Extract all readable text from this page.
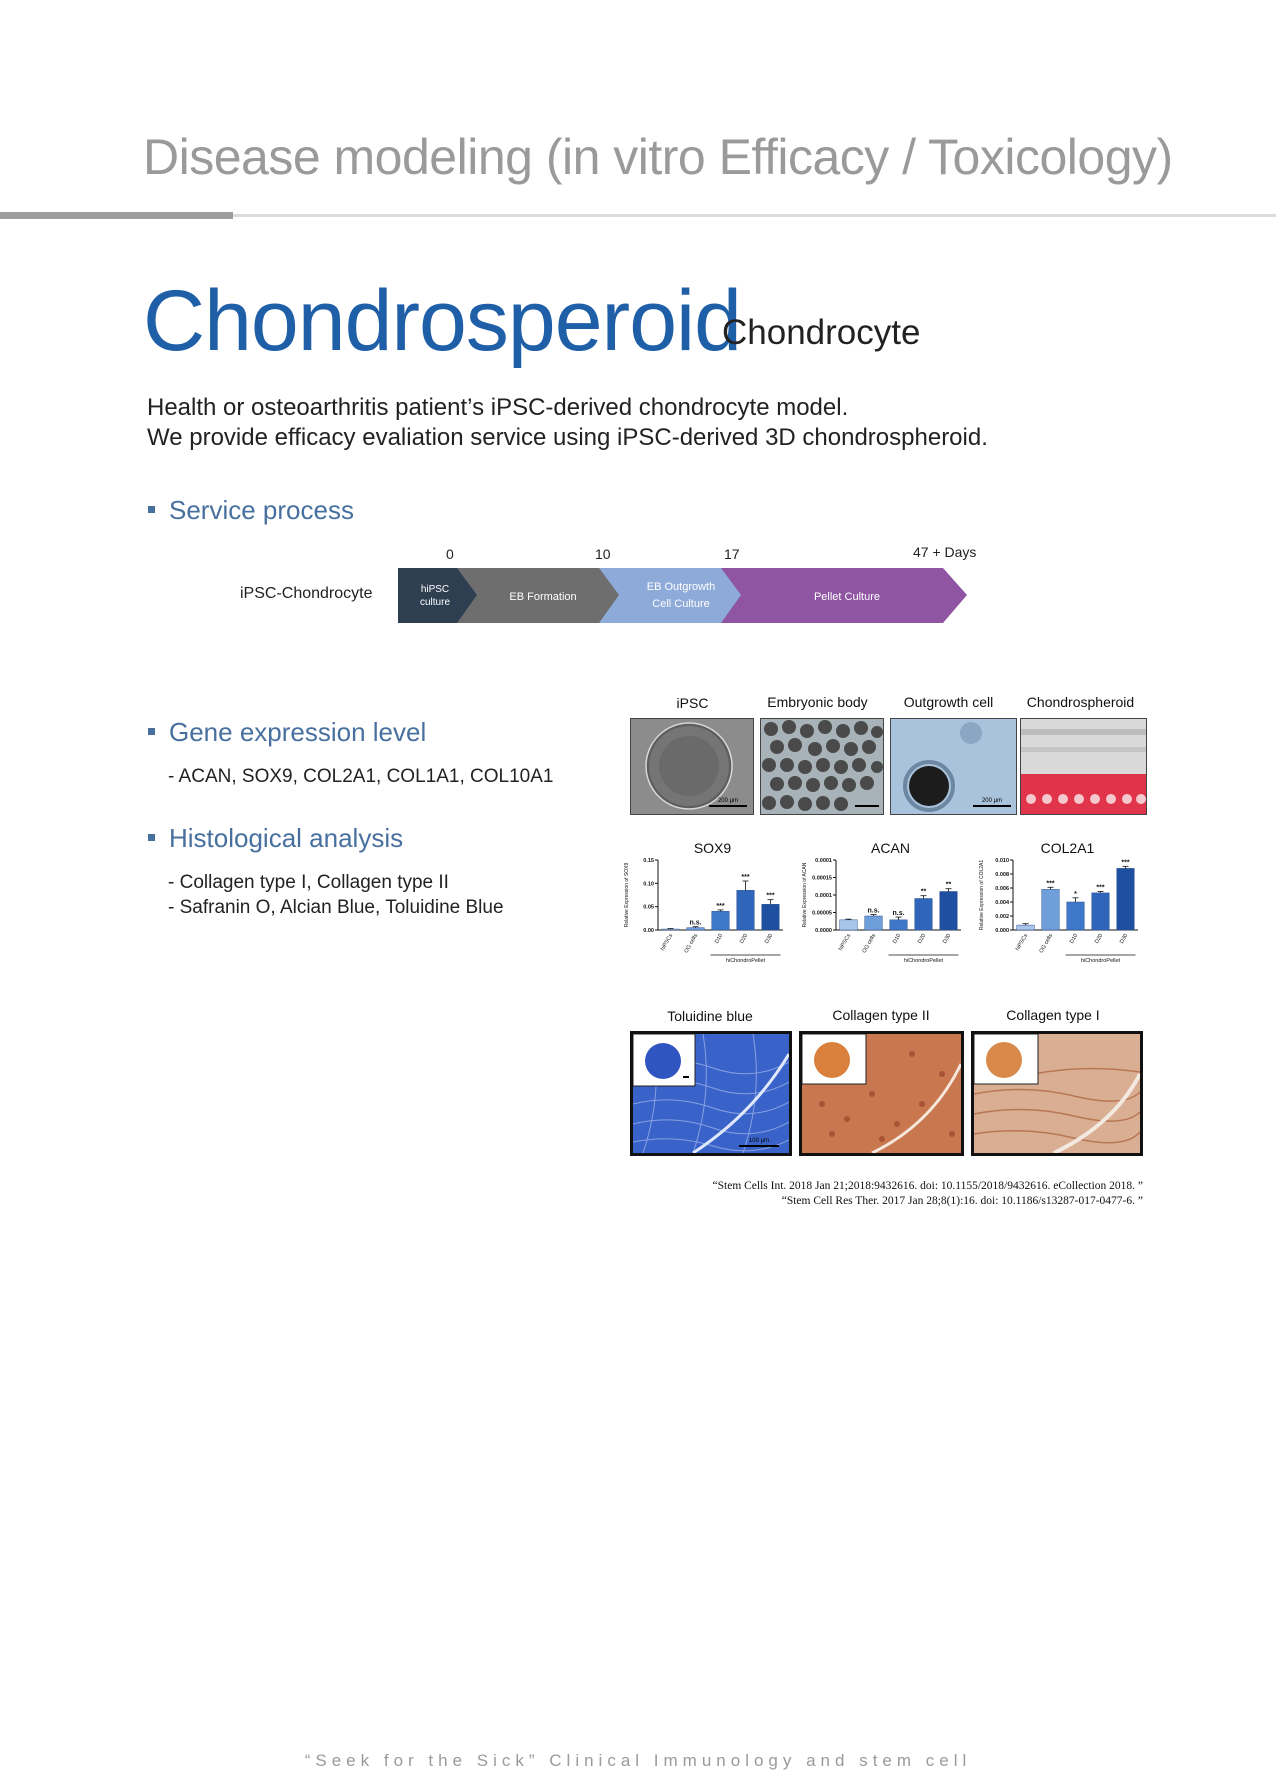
Disease modeling (in vitro Efficacy / Toxicology)
Chondrosperoid
Chondrocyte
Health or osteoarthritis patient’s iPSC-derived chondrocyte model.
We provide efficacy evaliation service using iPSC-derived 3D chondrospheroid.
Service process
iPSC-Chondrocyte
0	10	17	47 + Days
hiPSC
culture	EB Formation
EB Outgrowth
Cell Culture
Pellet Culture
Gene expression level
- ACAN, SOX9, COL2A1, COL1A1, COL10A1
Histological analysis
- Collagen type I, Collagen type II
- Safranin O, Alcian Blue, Toluidine Blue
iPSC	Embryonic body	Outgrowth cell	Chondrospheroid
200 μm	200 μm
SOX9	ACAN	COL2A1
Relative Expression of SOX9
0.00
0.05
0.10
0.15
hiPSCs
n.s.
OG cells
***
D10
***
D20
***
D30
hiChondroPellet
Relative Expression of ACAN
0.0000
0.00005
0.0001
0.00015
0.0001
hiPSCs
n.s.
OG cells
n.s.
D10
**
D20
**
D30
hiChondroPellet
Relative Expression of COL2A1
0.000
0.002
0.004
0.006
0.008
0.010
hiPSCs
***
OG cells
*
D10
***
D20
***
D30
hiChondroPellet
Toluidine blue	Collagen type II	Collagen type I
100 μm
“Stem Cells Int. 2018 Jan 21;2018:9432616. doi: 10.1155/2018/9432616. eCollection 2018. ”
“Stem Cell Res Ther. 2017 Jan 28;8(1):16. doi: 10.1186/s13287-017-0477-6. ”
“Seek for the Sick” Clinical Immunology and stem cell
